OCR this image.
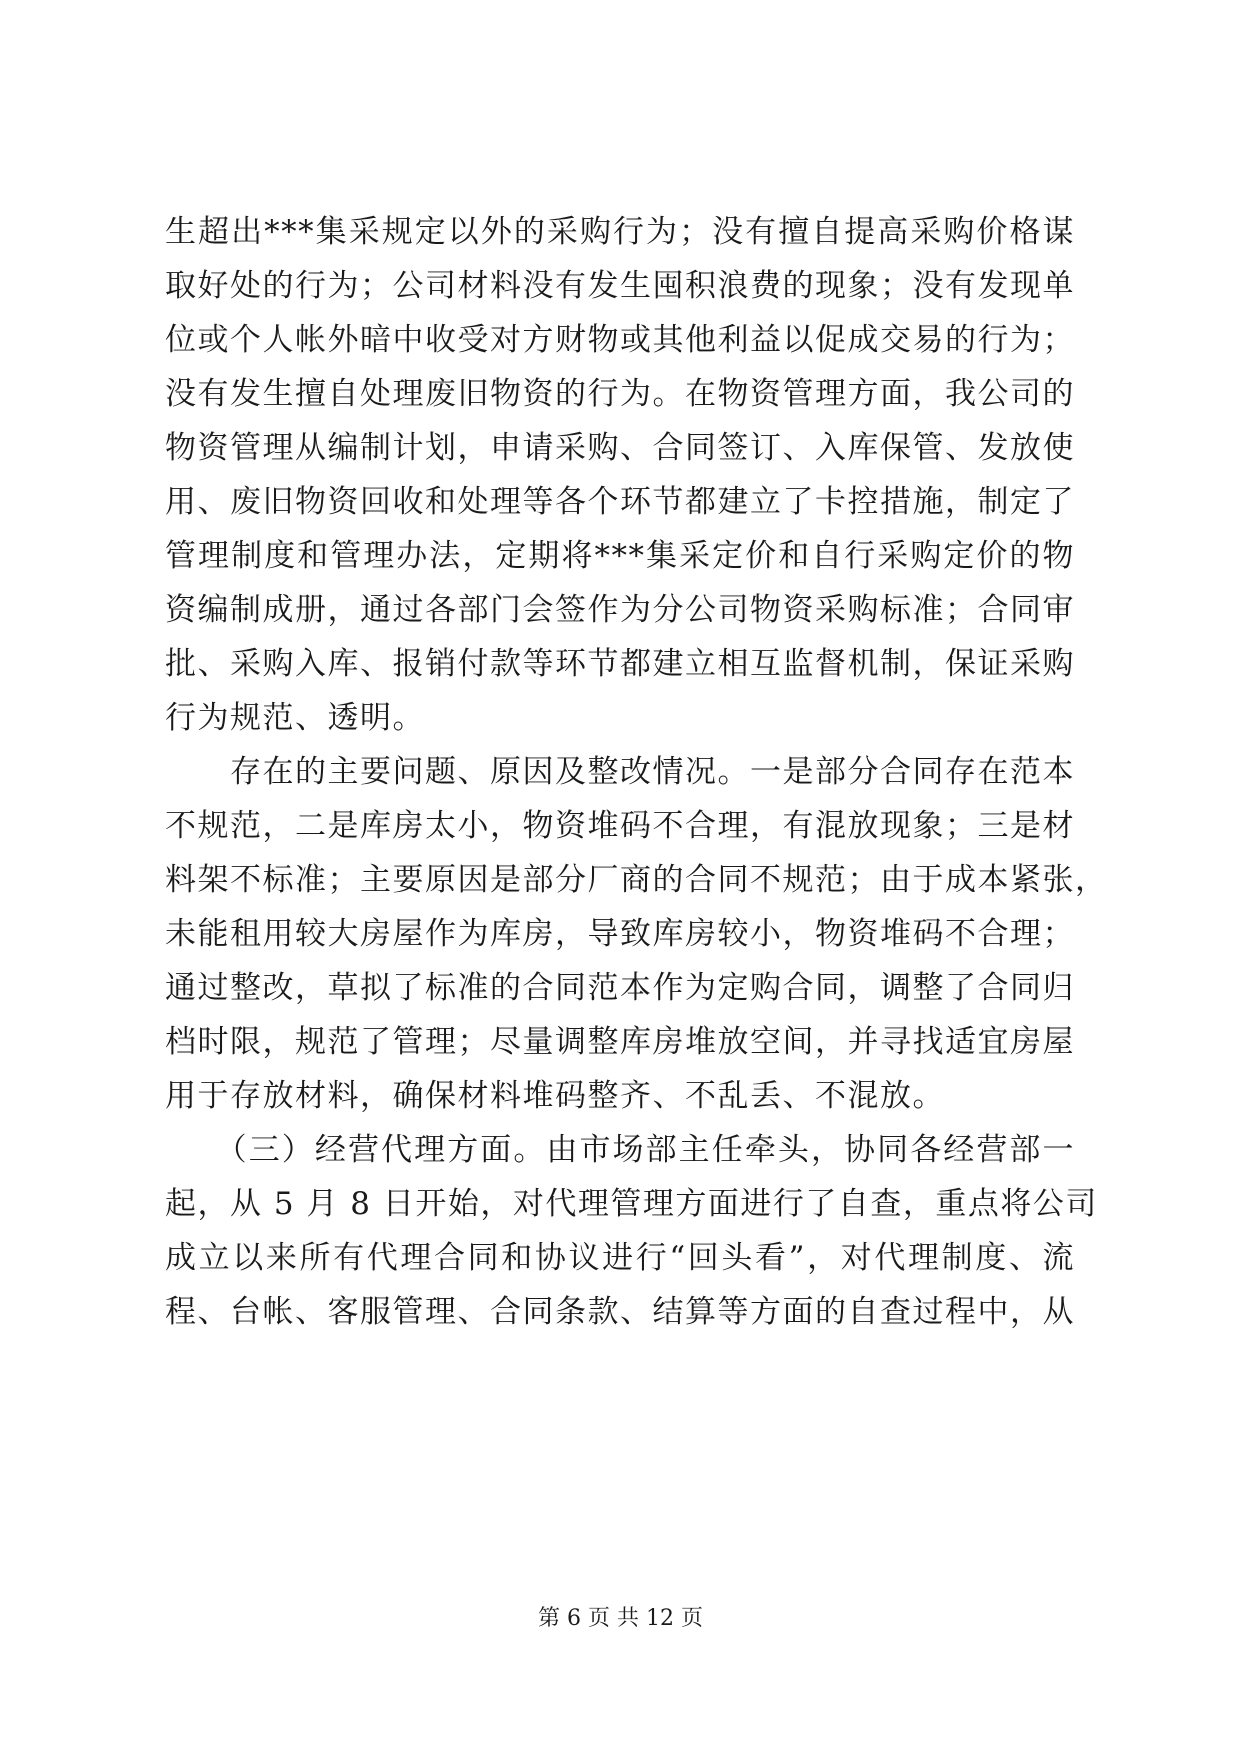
生超出***集采规定以外的采购行为；没有擅自提高采购价格谋
取好处的行为；公司材料没有发生囤积浪费的现象；没有发现单
位或个人帐外暗中收受对方财物或其他利益以促成交易的行为；
没有发生擅自处理废旧物资的行为。在物资管理方面，我公司的
物资管理从编制计划，申请采购、合同签订、入库保管、发放使
用、废旧物资回收和处理等各个环节都建立了卡控措施，制定了
管理制度和管理办法，定期将***集采定价和自行采购定价的物
资编制成册，通过各部门会签作为分公司物资采购标准；合同审
批、采购入库、报销付款等环节都建立相互监督机制，保证采购
行为规范、透明。
　　存在的主要问题、原因及整改情况。一是部分合同存在范本
不规范，二是库房太小，物资堆码不合理，有混放现象；三是材
料架不标准；主要原因是部分厂商的合同不规范；由于成本紧张，
未能租用较大房屋作为库房，导致库房较小，物资堆码不合理；
通过整改，草拟了标准的合同范本作为定购合同，调整了合同归
档时限，规范了管理；尽量调整库房堆放空间，并寻找适宜房屋
用于存放材料，确保材料堆码整齐、不乱丢、不混放。
　　（三）经营代理方面。由市场部主任牵头，协同各经营部一
起，从 5 月 8 日开始，对代理管理方面进行了自查，重点将公司
成立以来所有代理合同和协议进行“回头看”，对代理制度、流
程、台帐、客服管理、合同条款、结算等方面的自查过程中，从
第 6 页 共 12 页
